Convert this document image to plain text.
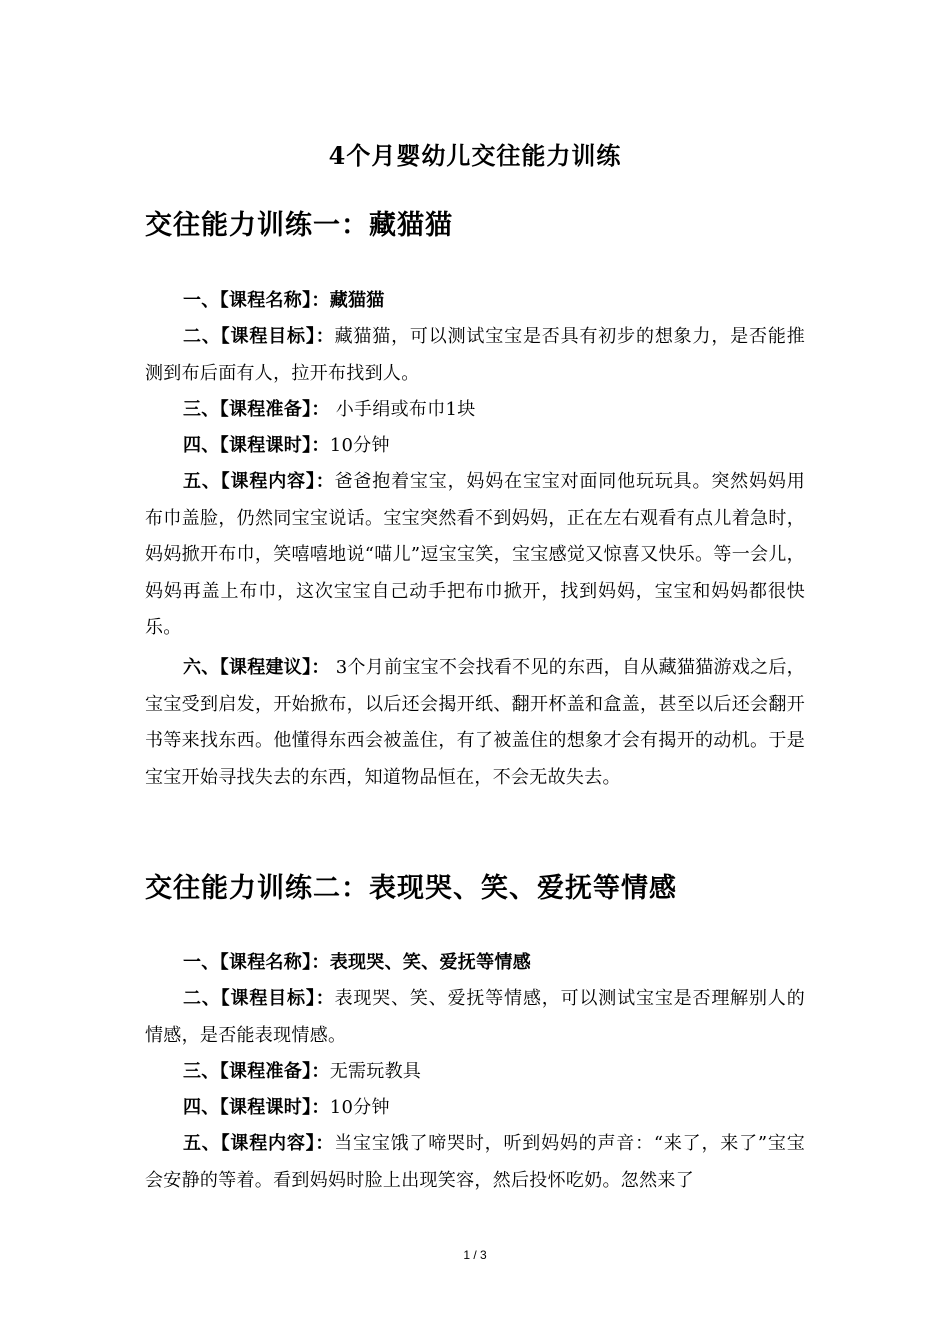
4个月婴幼儿交往能力训练
交往能力训练一：藏猫猫
一、【课程名称】：藏猫猫
二、【课程目标】：藏猫猫，可以测试宝宝是否具有初步的想象力，是否能推测到布后面有人，拉开布找到人。
三、【课程准备】： 小手绢或布巾1块
四、【课程课时】：10分钟
五、【课程内容】：爸爸抱着宝宝，妈妈在宝宝对面同他玩玩具。突然妈妈用布巾盖脸，仍然同宝宝说话。宝宝突然看不到妈妈，正在左右观看有点儿着急时，妈妈掀开布巾，笑嘻嘻地说“喵儿”逗宝宝笑，宝宝感觉又惊喜又快乐。等一会儿，妈妈再盖上布巾，这次宝宝自己动手把布巾掀开，找到妈妈，宝宝和妈妈都很快乐。
六、【课程建议】： 3个月前宝宝不会找看不见的东西，自从藏猫猫游戏之后，宝宝受到启发，开始掀布，以后还会揭开纸、翻开杯盖和盒盖，甚至以后还会翻开书等来找东西。他懂得东西会被盖住，有了被盖住的想象才会有揭开的动机。于是宝宝开始寻找失去的东西，知道物品恒在，不会无故失去。
交往能力训练二：表现哭、笑、爱抚等情感
一、【课程名称】：表现哭、笑、爱抚等情感
二、【课程目标】：表现哭、笑、爱抚等情感，可以测试宝宝是否理解别人的情感，是否能表现情感。
三、【课程准备】：无需玩教具
四、【课程课时】：10分钟
五、【课程内容】：当宝宝饿了啼哭时，听到妈妈的声音：“来了，来了”宝宝会安静的等着。看到妈妈时脸上出现笑容，然后投怀吃奶。忽然来了
1 / 3
